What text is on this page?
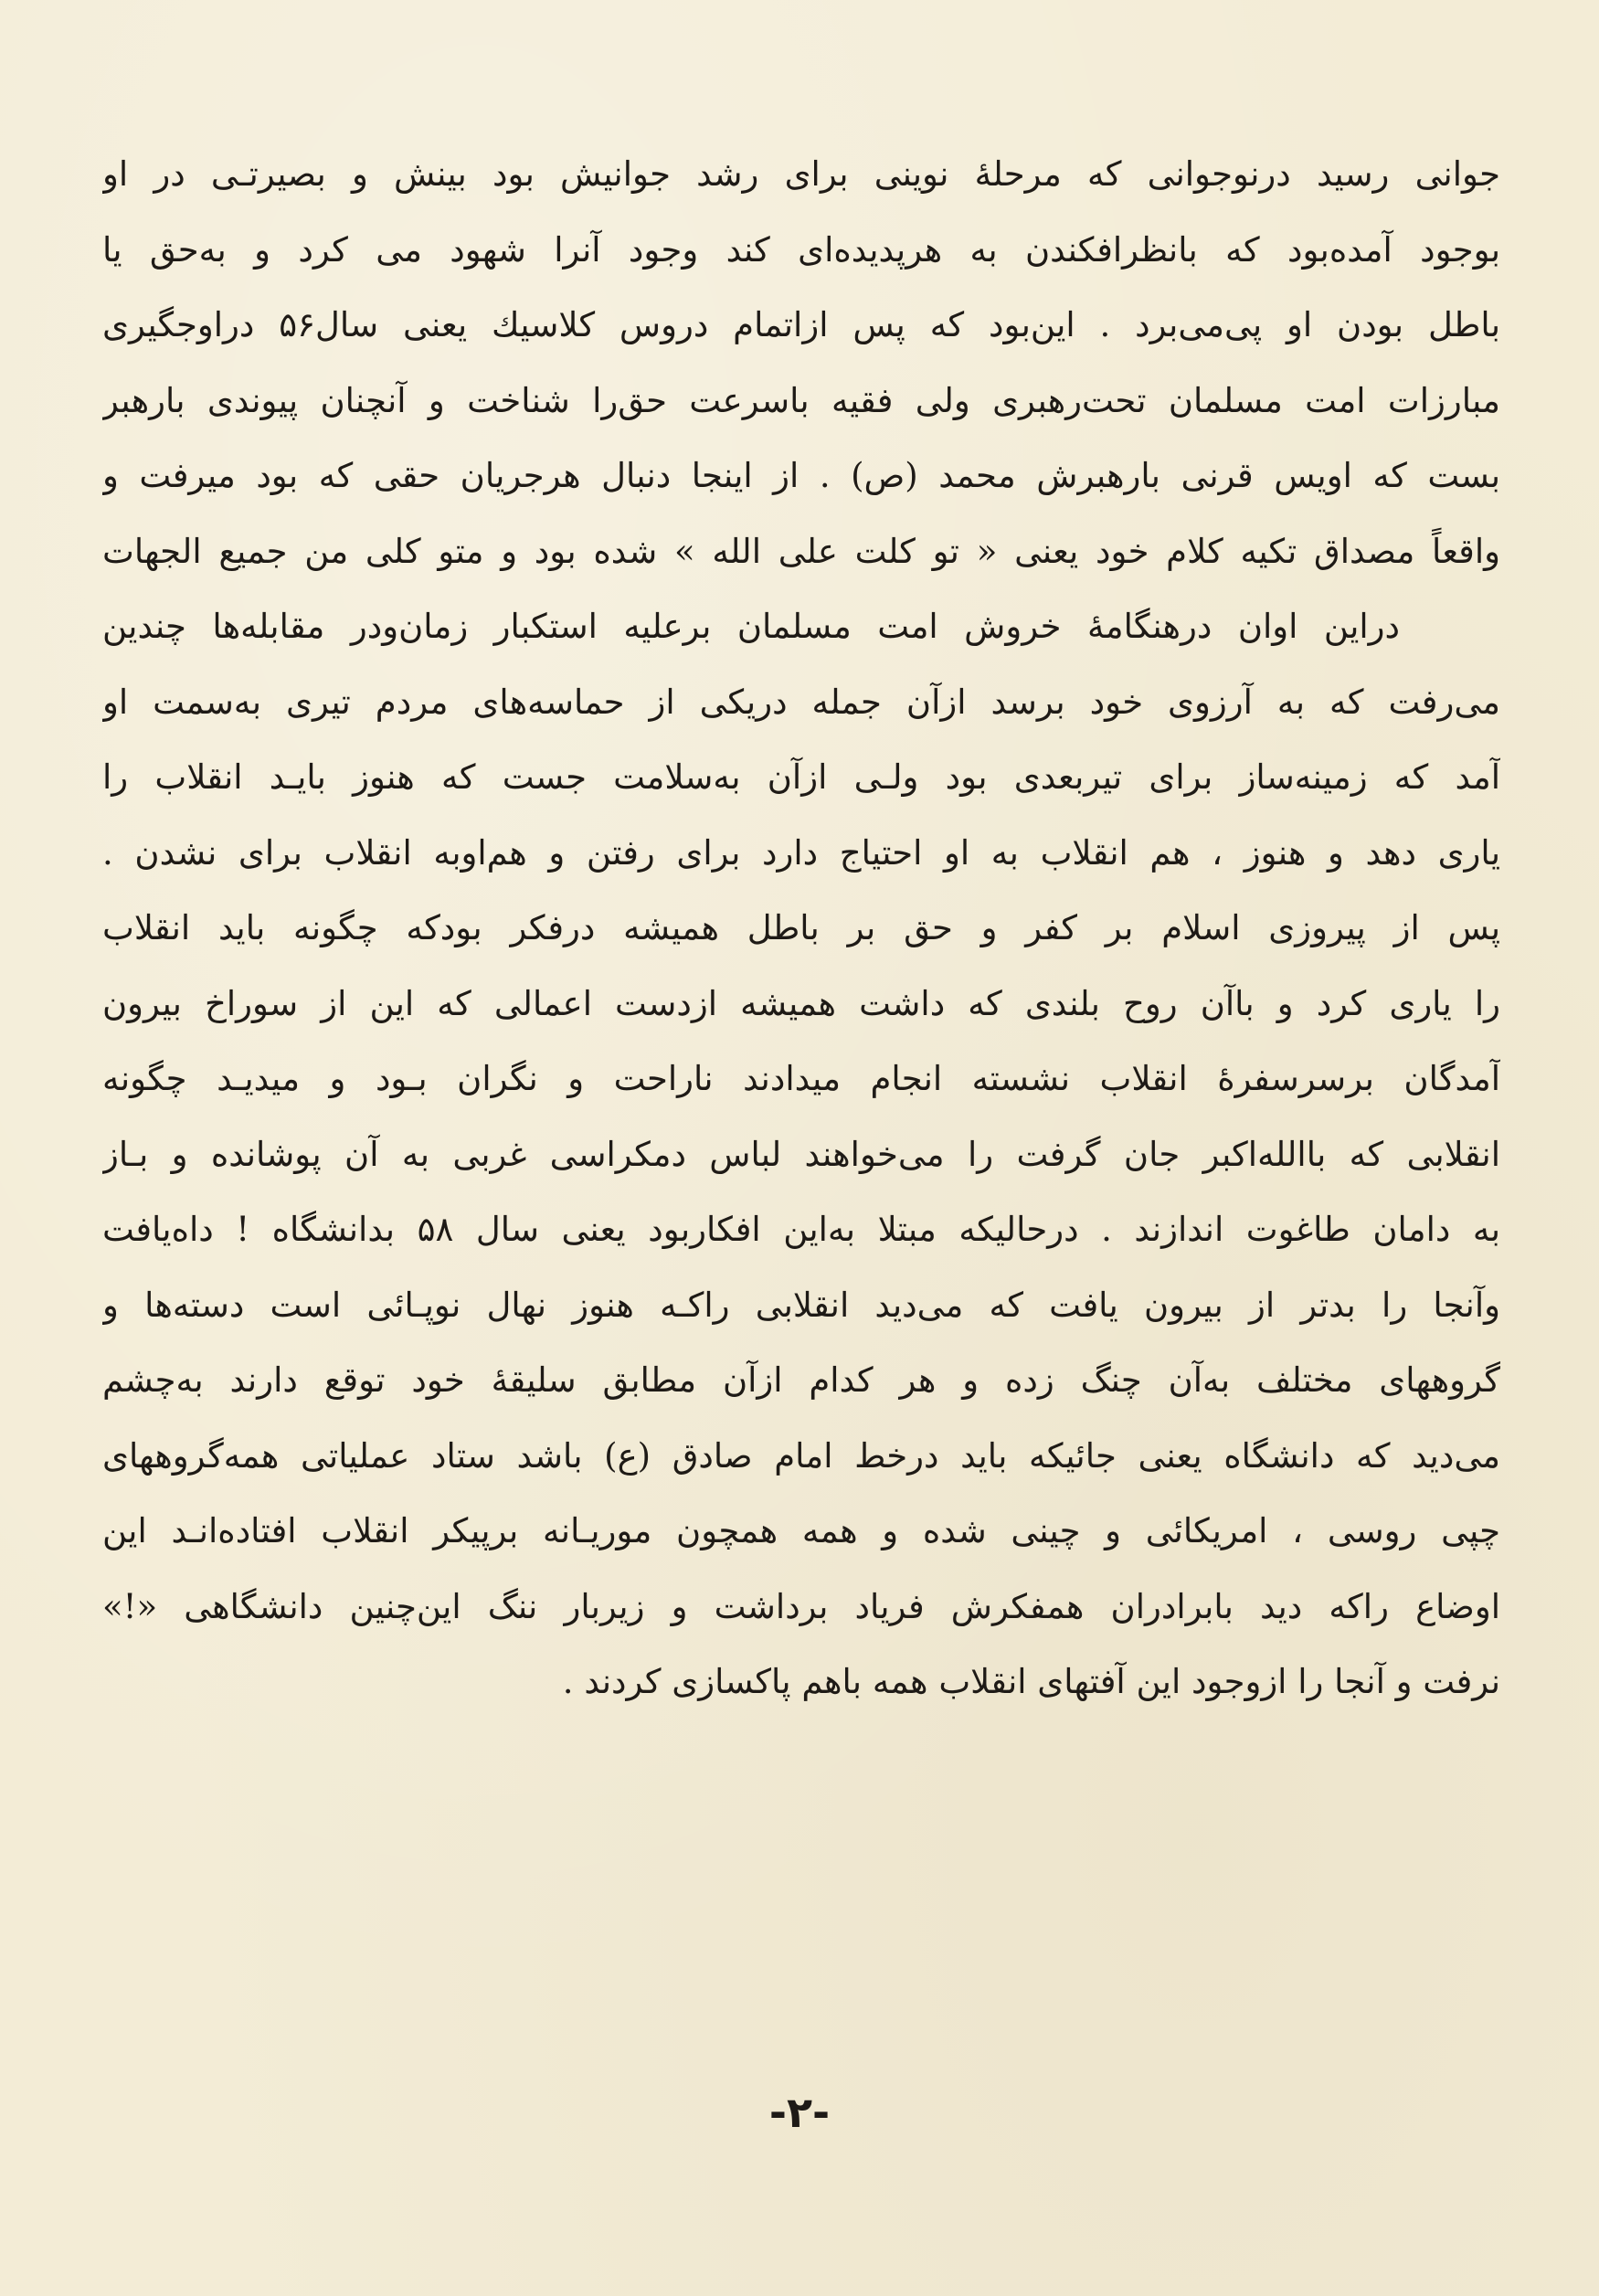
جوانی رسید درنوجوانی که مرحلهٔ نوینی برای رشد جوانیش بود بینش و بصیرتـی در او
بوجود آمده‌بود که بانظرافکندن به هرپدیده‌ای کند وجود آنرا شهود می کرد و به‌حق یا
باطل بودن او پی‌می‌برد . این‌بود که پس ازاتمام دروس کلاسیك یعنی سال‌۵۶ دراوجگیری
مبارزات امت مسلمان تحت‌رهبری ولی فقیه باسرعت حق‌را شناخت و آنچنان پیوندی بارهبر
بست که اویس قرنی بارهبرش محمد (ص) . از اینجا دنبال هرجریان حقی که بود میرفت و
واقعاً مصداق تکیه کلام خود یعنی « تو کلت علی الله » شده بود و متو کلی من جمیع الجهات
دراین اوان درهنگامهٔ خروش امت مسلمان برعلیه استکبار زمان‌ودر مقابله‌ها چندین
می‌رفت که به آرزوی خود برسد ازآن جمله دریکی از حماسه‌های مردم تیری به‌سمت او
آمد که زمینه‌ساز برای تیربعدی بود ولـی ازآن به‌سلامت جست که هنوز بایـد انقلاب را
یاری دهد و هنوز ، هم انقلاب به او احتیاج دارد برای رفتن و هم‌اوبه انقلاب برای نشدن .
پس از پیروزی اسلام بر کفر و حق بر باطل همیشه درفکر بودکه چگونه باید انقلاب
را یاری کرد و باآن روح بلندی که داشت همیشه ازدست اعمالی که این از سوراخ بیرون
آمدگان برسرسفرهٔ انقلاب نشسته انجام میدادند ناراحت و نگران بـود و میدیـد چگونه
انقلابی که باالله‌اکبر جان گرفت را می‌خواهند لباس دمکراسی غربی به آن پوشانده و بـاز
به دامان طاغوت اندازند . درحالیکه مبتلا به‌این افکاربود یعنی سال ۵۸ بدانشگاه ! داه‌یافت
وآنجا را بدتر از بیرون یافت که می‌دید انقلابی راکـه هنوز نهال نوپـائی است دسته‌ها و
گروههای مختلف به‌آن چنگ زده و هر کدام ازآن مطابق سلیقهٔ خود توقع دارند به‌چشم
می‌دید که دانشگاه یعنی جائیکه باید درخط امام صادق (ع) باشد ستاد عملیاتی همه‌گروههای
چپی روسی ، امریکائی و چینی شده و همه همچون موریـانه برپیکر انقلاب افتاده‌انـد این
اوضاع راکه دید بابرادران همفکرش فریاد برداشت و زیربار ننگ این‌چنین دانشگاهی «!»
نرفت و آنجا را ازوجود این آفتهای انقلاب همه باهم پاکسازی کردند .
-۲-
